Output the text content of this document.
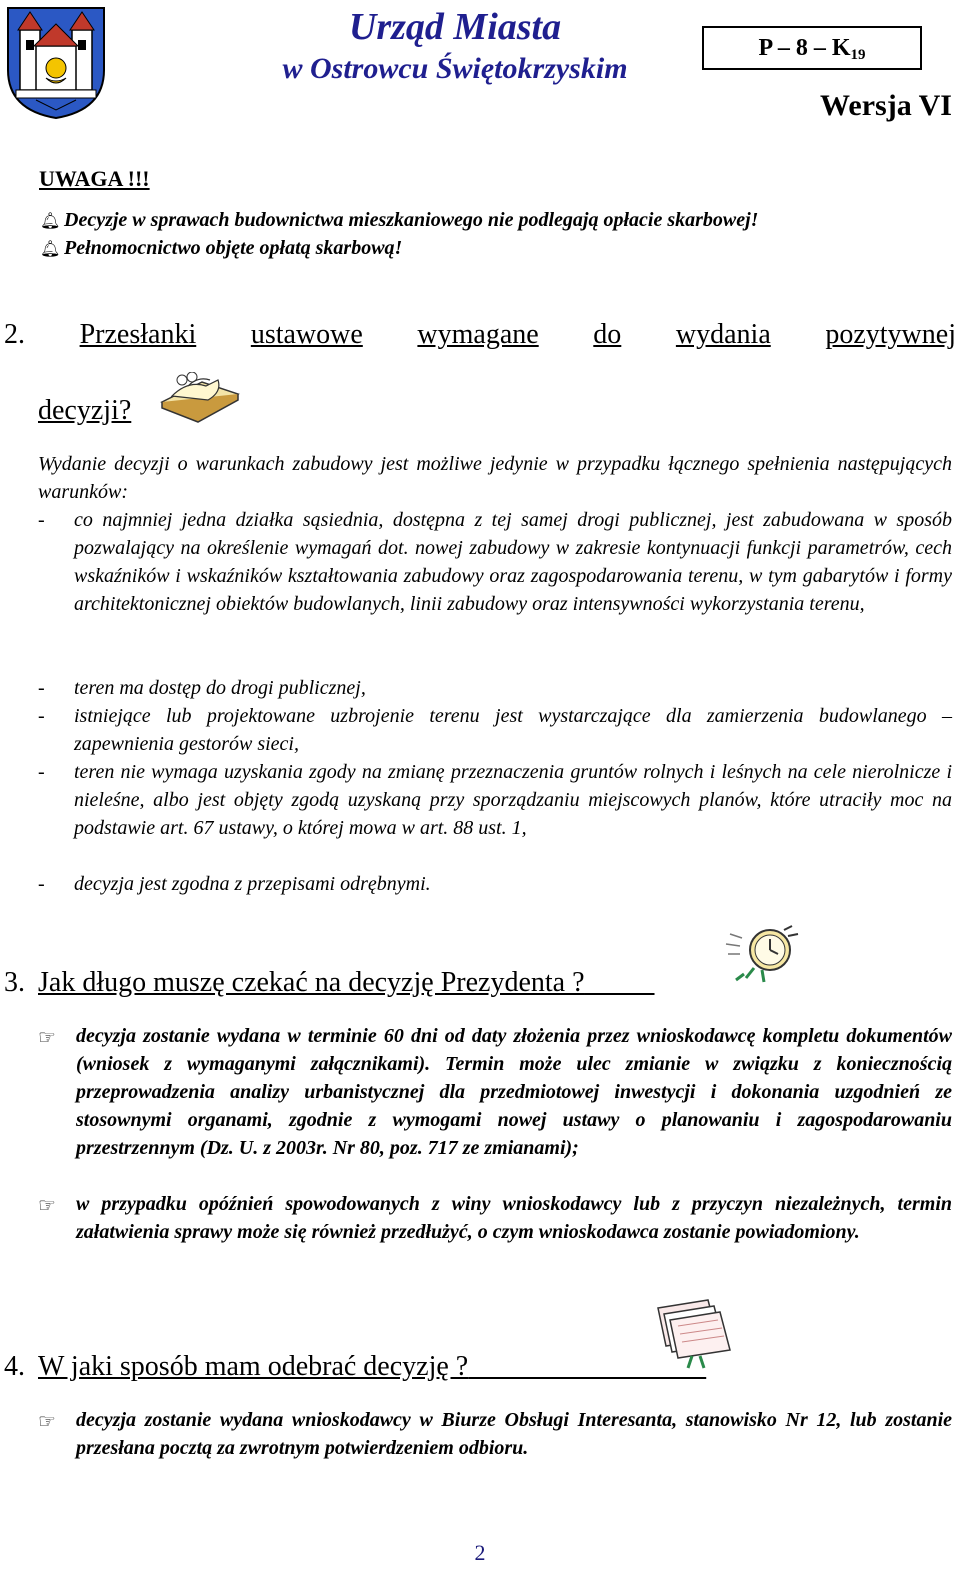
Urząd Miasta
w Ostrowcu Świętokrzyskim
P – $8 - K_{19}$
Wersja VI
UWAGA !!!
🔔︎ Decyzje w sprawach budownictwa mieszkaniowego nie podlegają opłacie skarbowej!
🔔︎ Pełnomocnictwo objęte opłatą skarbową!
2. Przesłanki ustawowe wymagane do wydania pozytywnej
decyzji?
Wydanie decyzji o warunkach zabudowy jest możliwe jedynie w przypadku łącznego spełnienia następujących warunków:
- co najmniej jedna działka sąsiednia, dostępna z tej samej drogi publicznej, jest zabudowana w sposób pozwalający na określenie wymagań dot. nowej zabudowy w zakresie kontynuacji funkcji parametrów, cech wskaźników i wskaźników kształtowania zabudowy oraz zagospodarowania terenu, w tym gabarytów i formy architektonicznej obiektów budowlanych, linii zabudowy oraz intensywności wykorzystania terenu,
- teren ma dostęp do drogi publicznej,
- istniejące lub projektowane uzbrojenie terenu jest wystarczające dla zamierzenia budowlanego – zapewnienia gestorów sieci,
- teren nie wymaga uzyskania zgody na zmianę przeznaczenia gruntów rolnych i leśnych na cele nierolnicze i nieleśne, albo jest objęty zgodą uzyskaną przy sporządzaniu miejscowych planów, które utraciły moc na podstawie art. 67 ustawy, o której mowa w art. 88 ust. 1,
- decyzja jest zgodna z przepisami odrębnymi.
3. Jak długo muszę czekać na decyzję Prezydenta ?
☞ decyzja zostanie wydana w terminie 60 dni od daty złożenia przez wnioskodawcę kompletu dokumentów (wniosek z wymaganymi załącznikami). Termin może ulec zmianie w związku z koniecznością przeprowadzenia analizy urbanistycznej dla przedmiotowej inwestycji i dokonania uzgodnień ze stosownymi organami, zgodnie z wymogami nowej ustawy o planowaniu i zagospodarowaniu przestrzennym (Dz. U. z 2003r. Nr 80, poz. 717 ze zmianami);
☞ w przypadku opóźnień spowodowanych z winy wnioskodawcy lub z przyczyn niezależnych, termin załatwienia sprawy może się również przedłużyć, o czym wnioskodawca zostanie powiadomiony.
4. W jaki sposób mam odebrać decyzję ?
☞ decyzja zostanie wydana wnioskodawcy w Biurze Obsługi Interesanta, stanowisko Nr 12, lub zostanie przesłana pocztą za zwrotnym potwierdzeniem odbioru.
2
